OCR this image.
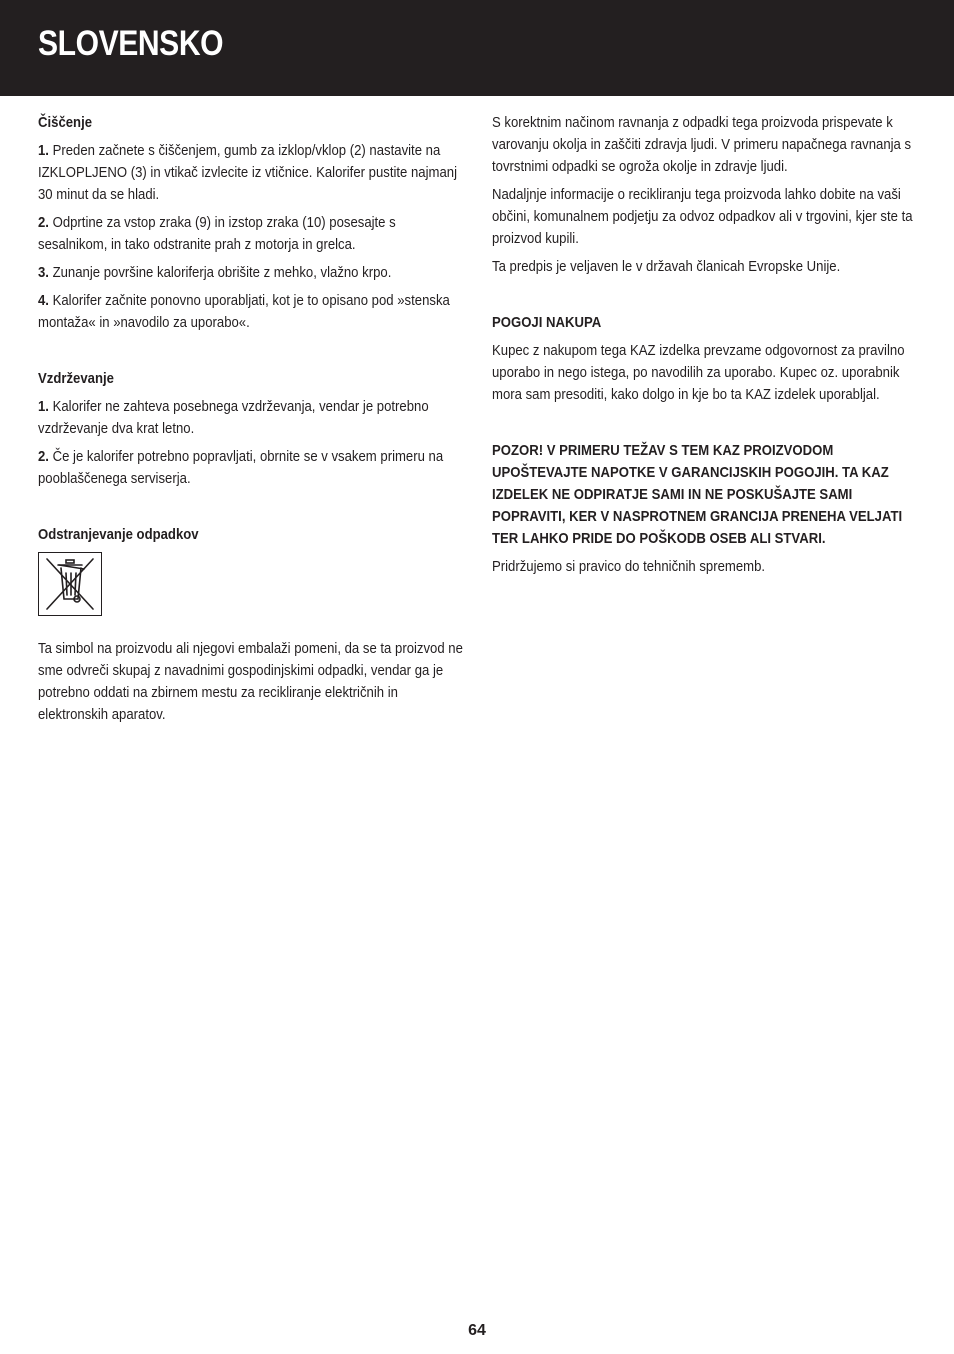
SLOVENSKO

Čiščenje

1. Preden začnete s čiščenjem, gumb za izklop/vklop (2) nastavite na IZKLOPLJENO (3) in vtikač izvlecite iz vtičnice. Kalorifer pustite najmanj 30 minut da se hladi.

2. Odprtine za vstop zraka (9) in izstop zraka (10) posesajte s sesalnikom, in tako odstranite prah z motorja in grelca.

3. Zunanje površine kaloriferja obrišite z mehko, vlažno krpo.

4. Kalorifer začnite ponovno uporabljati, kot je to opisano pod »stenska montaža« in »navodilo za uporabo«.

Vzdrževanje

1. Kalorifer ne zahteva posebnega vzdrževanja, vendar je potrebno vzdrževanje dva krat letno.

2. Če je kalorifer potrebno popravljati, obrnite se v vsakem primeru na pooblaščenega serviserja.

Odstranjevanje odpadkov

Ta simbol na proizvodu ali njegovi embalaži pomeni, da se ta proizvod ne sme odvreči skupaj z navadnimi gospodinjskimi odpadki, vendar ga je potrebno oddati na zbirnem mestu za recikliranje električnih in elektronskih aparatov.

S korektnim načinom ravnanja z odpadki tega proizvoda prispevate k varovanju okolja in zaščiti zdravja ljudi. V primeru napačnega ravnanja s tovrstnimi odpadki se ogroža okolje in zdravje ljudi.

Nadaljnje informacije o recikliranju tega proizvoda lahko dobite na vaši občini, komunalnem podjetju za odvoz odpadkov ali v trgovini, kjer ste ta proizvod kupili.

Ta predpis je veljaven le v državah članicah Evropske Unije.

POGOJI NAKUPA

Kupec z nakupom tega KAZ izdelka prevzame odgovornost za pravilno uporabo in nego istega, po navodilih za uporabo. Kupec oz. uporabnik mora sam presoditi, kako dolgo in kje bo ta KAZ izdelek uporabljal.

POZOR! V PRIMERU TEŽAV S TEM KAZ PROIZVODOM UPOŠTEVAJTE NAPOTKE V GARANCIJSKIH POGOJIH. TA KAZ IZDELEK NE ODPIRATJE SAMI IN NE POSKUŠAJTE SAMI POPRAVITI, KER V NASPROTNEM GRANCIJA PRENEHA VELJATI TER LAHKO PRIDE DO POŠKODB OSEB ALI STVARI.

Pridržujemo si pravico do tehničnih sprememb.

64
